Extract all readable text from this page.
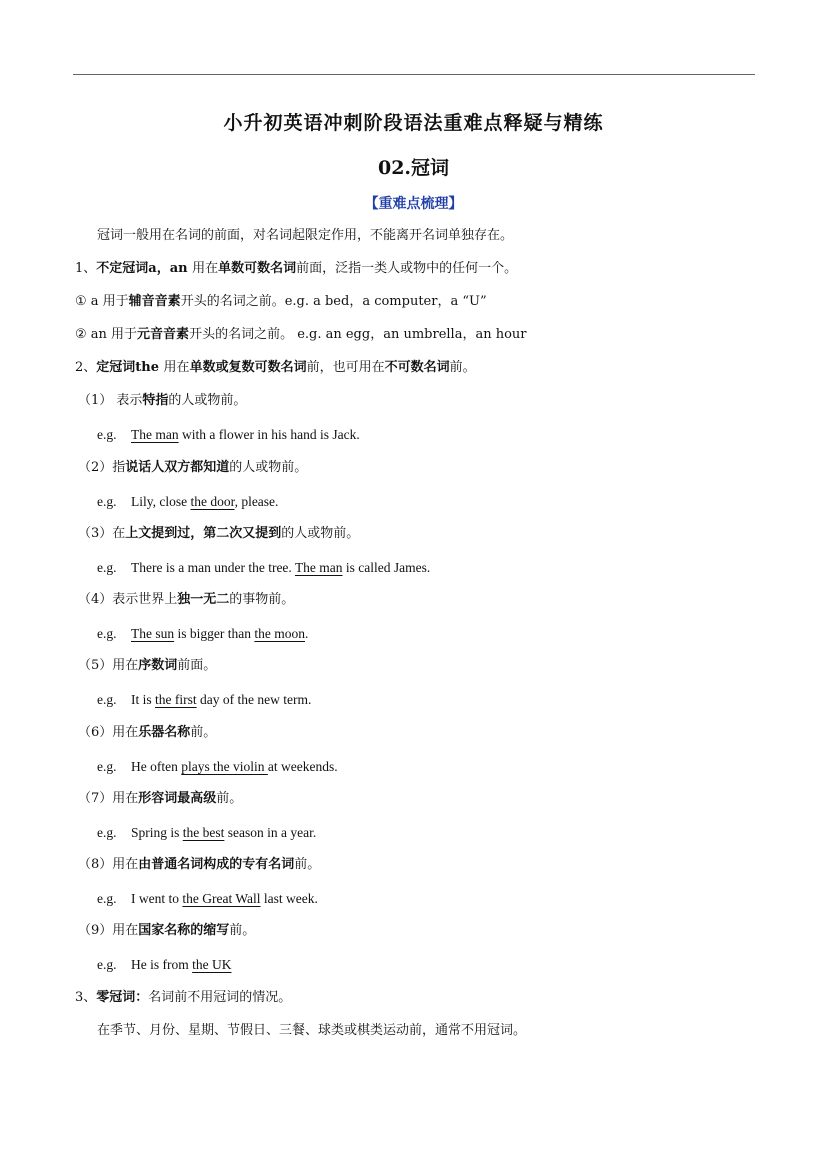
小升初英语冲刺阶段语法重难点释疑与精练
02.冠词
【重难点梳理】
冠词一般用在名词的前面，对名词起限定作用，不能离开名词单独存在。
1、不定冠词a，an 用在单数可数名词前面，泛指一类人或物中的任何一个。
① a 用于辅音音素开头的名词之前。e.g. a bed，a computer，a “U”
② an 用于元音音素开头的名词之前。 e.g. an egg，an umbrella，an hour
2、定冠词the 用在单数或复数可数名词前，也可用在不可数名词前。
（1） 表示特指的人或物前。
e.g. The man with a flower in his hand is Jack.
（2）指说话人双方都知道的人或物前。
e.g. Lily, close the door, please.
（3）在上文提到过，第二次又提到的人或物前。
e.g. There is a man under the tree. The man is called James.
（4）表示世界上独一无二的事物前。
e.g. The sun is bigger than the moon.
（5）用在序数词前面。
e.g. It is the first day of the new term.
（6）用在乐器名称前。
e.g. He often plays the violin at weekends.
（7）用在形容词最高级前。
e.g. Spring is the best season in a year.
（8）用在由普通名词构成的专有名词前。
e.g. I went to the Great Wall last week.
（9）用在国家名称的缩写前。
e.g. He is from the UK
3、零冠词：名词前不用冠词的情况。
在季节、月份、星期、节假日、三餐、球类或棋类运动前，通常不用冠词。
